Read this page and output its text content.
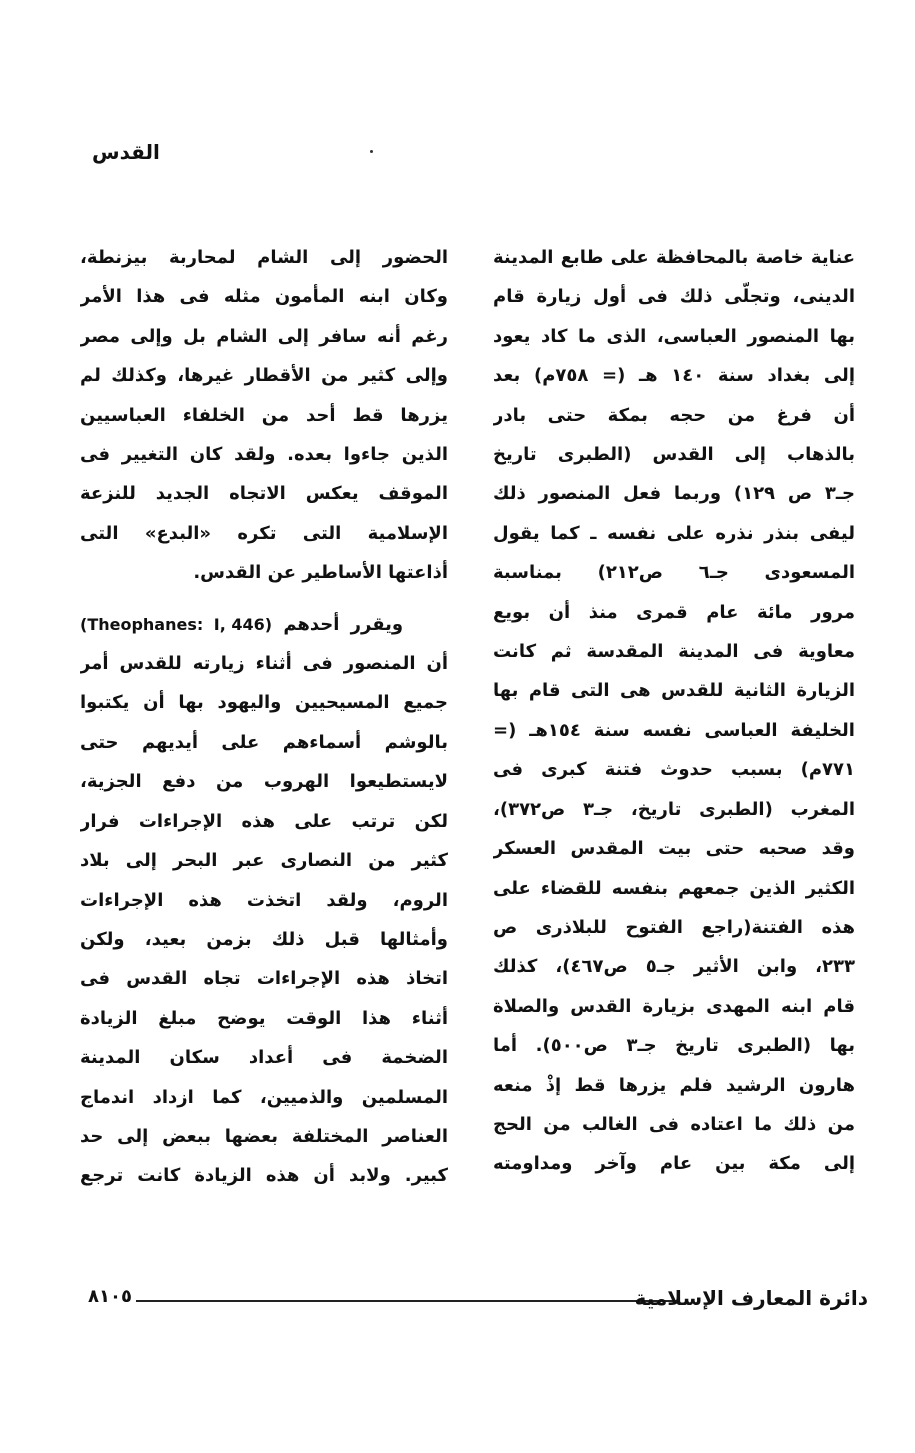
القدس
عناية خاصة بالمحافظة على طابع المدينة
الدينى، وتجلّى ذلك فى أول زيارة قام
بها المنصور العباسى، الذى ما كاد يعود
إلى بغداد سنة ١٤٠ هـ (= ٧٥٨م) بعد
أن فرغ من حجه بمكة حتى بادر
بالذهاب إلى القدس (الطبرى تاريخ
جـ٣ ص ١٢٩) وربما فعل المنصور ذلك
ليفى بنذر نذره على نفسه ـ كما يقول
المسعودى جـ٦ ص٢١٢) بمناسبة
مرور مائة عام قمرى منذ أن بويع
معاوية فى المدينة المقدسة ثم كانت
الزيارة الثانية للقدس هى التى قام بها
الخليفة العباسى نفسه سنة ١٥٤هـ (=
٧٧١م) بسبب حدوث فتنة كبرى فى
المغرب (الطبرى تاريخ، جـ٣ ص٣٧٢)،
وقد صحبه حتى بيت المقدس العسكر
الكثير الذين جمعهم بنفسه للقضاء على
هذه الفتنة(راجع الفتوح للبلاذرى ص
٢٣٣، وابن الأثير جـ٥ ص٤٦٧)، كذلك
قام ابنه المهدى بزيارة القدس والصلاة
بها (الطبرى تاريخ جـ٣ ص٥٠٠). أما
هارون الرشيد فلم يزرها قط إذْ منعه
من ذلك ما اعتاده فى الغالب من الحج
إلى مكة بين عام وآخر ومداومته
الحضور إلى الشام لمحاربة بيزنطة،
وكان ابنه المأمون مثله فى هذا الأمر
رغم أنه سافر إلى الشام بل وإلى مصر
وإلى كثير من الأقطار غيرها، وكذلك لم
يزرها قط أحد من الخلفاء العباسيين
الذين جاءوا بعده. ولقد كان التغيير فى
الموقف يعكس الاتجاه الجديد للنزعة
الإسلامية التى تكره «البدع» التى
أذاعتها الأساطير عن القدس.
ويقرر أحدهم (Theophanes: I, 446)
أن المنصور فى أثناء زيارته للقدس أمر
جميع المسيحيين واليهود بها أن يكتبوا
بالوشم أسماءهم على أيديهم حتى
لايستطيعوا الهروب من دفع الجزية،
لكن ترتب على هذه الإجراءات فرار
كثير من النصارى عبر البحر إلى بلاد
الروم، ولقد اتخذت هذه الإجراءات
وأمثالها قبل ذلك بزمن بعيد، ولكن
اتخاذ هذه الإجراءات تجاه القدس فى
أثناء هذا الوقت يوضح مبلغ الزيادة
الضخمة فى أعداد سكان المدينة
المسلمين والذميين، كما ازداد اندماج
العناصر المختلفة بعضها ببعض إلى حد
كبير. ولابد أن هذه الزيادة كانت ترجع
٨١٠٥	دائرة المعارف الإسلامية
